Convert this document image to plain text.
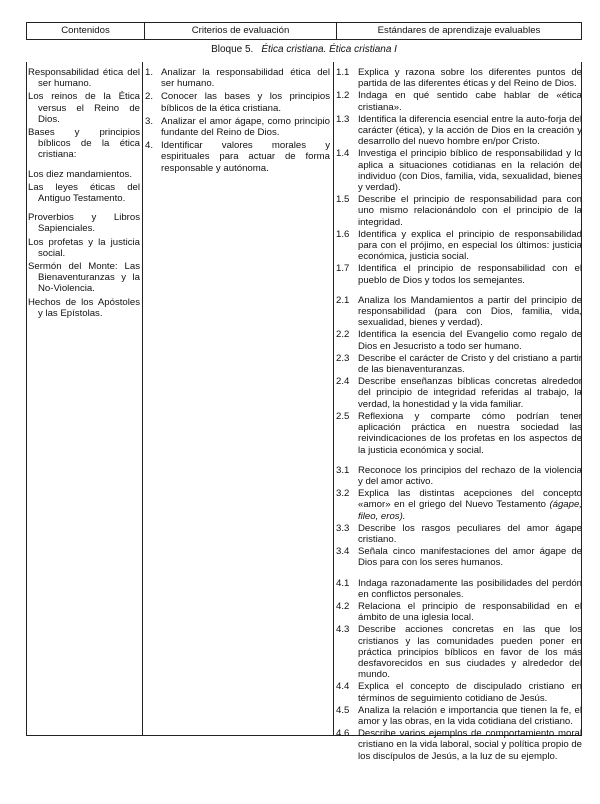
Contenidos	Criterios de evaluación	Estándares de aprendizaje evaluables
Bloque 5. Ética cristiana. Ética cristiana I
Responsabilidad ética del ser humano.
Los reinos de la Ética versus el Reino de Dios.
Bases y principios bíblicos de la ética cristiana:
Los diez mandamientos.
Las leyes éticas del Antiguo Testamento.
Proverbios y Libros Sapienciales.
Los profetas y la justicia social.
Sermón del Monte: Las Bienaventuranzas y la No-Violencia.
Hechos de los Apóstoles y las Epístolas.
1. Analizar la responsabilidad ética del ser humano.
2. Conocer las bases y los principios bíblicos de la ética cristiana.
3. Analizar el amor ágape, como principio fundante del Reino de Dios.
4. Identificar valores morales y espirituales para actuar de forma responsable y autónoma.
1.1 Explica y razona sobre los diferentes puntos de partida de las diferentes éticas y del Reino de Dios.
1.2 Indaga en qué sentido cabe hablar de «ética cristiana».
1.3 Identifica la diferencia esencial entre la auto-forja del carácter (ética), y la acción de Dios en la creación y desarrollo del nuevo hombre en/por Cristo.
1.4 Investiga el principio bíblico de responsabilidad y lo aplica a situaciones cotidianas en la relación del individuo (con Dios, familia, vida, sexualidad, bienes y verdad).
1.5 Describe el principio de responsabilidad para con uno mismo relacionándolo con el principio de la integridad.
1.6 Identifica y explica el principio de responsabilidad para con el prójimo, en especial los últimos: justicia económica, justicia social.
1.7 Identifica el principio de responsabilidad con el pueblo de Dios y todos los semejantes.
2.1 Analiza los Mandamientos a partir del principio de responsabilidad (para con Dios, familia, vida, sexualidad, bienes y verdad).
2.2 Identifica la esencia del Evangelio como regalo de Dios en Jesucristo a todo ser humano.
2.3 Describe el carácter de Cristo y del cristiano a partir de las bienaventuranzas.
2.4 Describe enseñanzas bíblicas concretas alrededor del principio de integridad referidas al trabajo, la verdad, la honestidad y la vida familiar.
2.5 Reflexiona y comparte cómo podrían tener aplicación práctica en nuestra sociedad las reivindicaciones de los profetas en los aspectos de la justicia económica y social.
3.1 Reconoce los principios del rechazo de la violencia y del amor activo.
3.2 Explica las distintas acepciones del concepto «amor» en el griego del Nuevo Testamento (ágape, fileo, eros).
3.3 Describe los rasgos peculiares del amor ágape cristiano.
3.4 Señala cinco manifestaciones del amor ágape de Dios para con los seres humanos.
4.1 Indaga razonadamente las posibilidades del perdón en conflictos personales.
4.2 Relaciona el principio de responsabilidad en el ámbito de una iglesia local.
4.3 Describe acciones concretas en las que los cristianos y las comunidades pueden poner en práctica principios bíblicos en favor de los más desfavorecidos en sus ciudades y alrededor del mundo.
4.4 Explica el concepto de discipulado cristiano en términos de seguimiento cotidiano de Jesús.
4.5 Analiza la relación e importancia que tienen la fe, el amor y las obras, en la vida cotidiana del cristiano.
4.6 Describe varios ejemplos de comportamiento moral cristiano en la vida laboral, social y política propio de los discípulos de Jesús, a la luz de su ejemplo.
